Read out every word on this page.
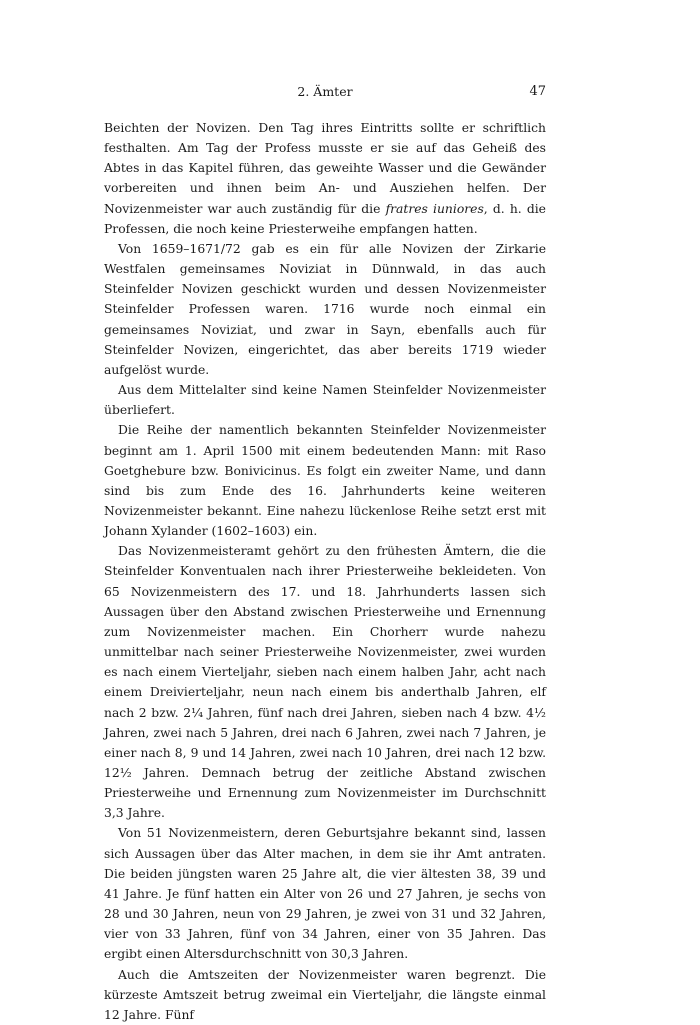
2. Ämter	47

Beichten der Novizen. Den Tag ihres Eintritts sollte er schriftlich festhalten. Am Tag der Profess musste er sie auf das Geheiß des Abtes in das Kapitel führen, das geweihte Wasser und die Gewänder vorbereiten und ihnen beim An- und Ausziehen helfen. Der Novizenmeister war auch zuständig für die fratres iuniores, d. h. die Professen, die noch keine Priesterweihe empfangen hatten.

Von 1659–1671/72 gab es ein für alle Novizen der Zirkarie Westfalen gemeinsames Noviziat in Dünnwald, in das auch Steinfelder Novizen geschickt wurden und dessen Novizenmeister Steinfelder Professen waren. 1716 wurde noch einmal ein gemeinsames Noviziat, und zwar in Sayn, ebenfalls auch für Steinfelder Novizen, eingerichtet, das aber bereits 1719 wieder aufgelöst wurde.

Aus dem Mittelalter sind keine Namen Steinfelder Novizenmeister überliefert.

Die Reihe der namentlich bekannten Steinfelder Novizenmeister beginnt am 1. April 1500 mit einem bedeutenden Mann: mit Raso Goetghebure bzw. Bonivicinus. Es folgt ein zweiter Name, und dann sind bis zum Ende des 16. Jahrhunderts keine weiteren Novizenmeister bekannt. Eine nahezu lückenlose Reihe setzt erst mit Johann Xylander (1602–1603) ein.

Das Novizenmeisteramt gehört zu den frühesten Ämtern, die die Steinfelder Konventualen nach ihrer Priesterweihe bekleideten. Von 65 Novizenmeistern des 17. und 18. Jahrhunderts lassen sich Aussagen über den Abstand zwischen Priesterweihe und Ernennung zum Novizenmeister machen. Ein Chorherr wurde nahezu unmittelbar nach seiner Priesterweihe Novizenmeister, zwei wurden es nach einem Vierteljahr, sieben nach einem halben Jahr, acht nach einem Dreivierteljahr, neun nach einem bis anderthalb Jahren, elf nach 2 bzw. 2¼ Jahren, fünf nach drei Jahren, sieben nach 4 bzw. 4½ Jahren, zwei nach 5 Jahren, drei nach 6 Jahren, zwei nach 7 Jahren, je einer nach 8, 9 und 14 Jahren, zwei nach 10 Jahren, drei nach 12 bzw. 12½ Jahren. Demnach betrug der zeitliche Abstand zwischen Priesterweihe und Ernennung zum Novizenmeister im Durchschnitt 3,3 Jahre.

Von 51 Novizenmeistern, deren Geburtsjahre bekannt sind, lassen sich Aussagen über das Alter machen, in dem sie ihr Amt antraten. Die beiden jüngsten waren 25 Jahre alt, die vier ältesten 38, 39 und 41 Jahre. Je fünf hatten ein Alter von 26 und 27 Jahren, je sechs von 28 und 30 Jahren, neun von 29 Jahren, je zwei von 31 und 32 Jahren, vier von 33 Jahren, fünf von 34 Jahren, einer von 35 Jahren. Das ergibt einen Altersdurchschnitt von 30,3 Jahren.

Auch die Amtszeiten der Novizenmeister waren begrenzt. Die kürzeste Amtszeit betrug zweimal ein Vierteljahr, die längste einmal 12 Jahre. Fünf
